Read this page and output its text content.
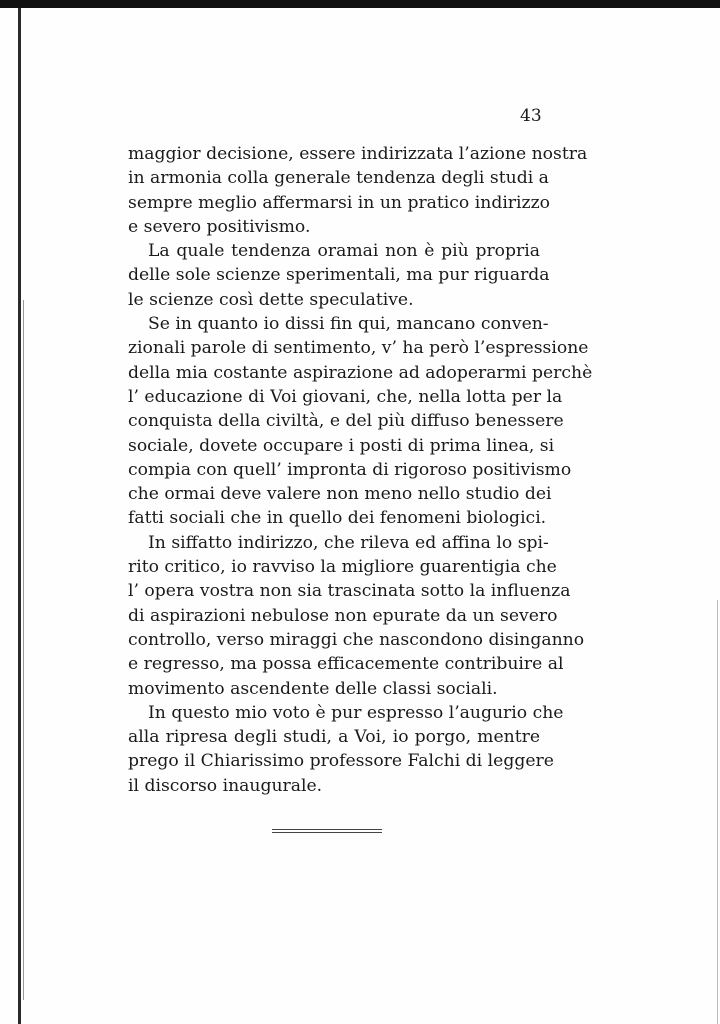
43
maggior decisione, essere indirizzata l’azione nostra
in armonia colla generale tendenza degli studi a
sempre meglio affermarsi in un pratico indirizzo
e severo positivismo.
La quale tendenza oramai non è più propria
delle sole scienze sperimentali, ma pur riguarda
le scienze così dette speculative.
Se in quanto io dissi fin qui, mancano conven-
zionali parole di sentimento, v’ ha però l’espressione
della mia costante aspirazione ad adoperarmi perchè
l’ educazione di Voi giovani, che, nella lotta per la
conquista della civiltà, e del più diffuso benessere
sociale, dovete occupare i posti di prima linea, si
compia con quell’ impronta di rigoroso positivismo
che ormai deve valere non meno nello studio dei
fatti sociali che in quello dei fenomeni biologici.
In siffatto indirizzo, che rileva ed affina lo spi-
rito critico, io ravviso la migliore guarentigia che
l’ opera vostra non sia trascinata sotto la influenza
di aspirazioni nebulose non epurate da un severo
controllo, verso miraggi che nascondono disinganno
e regresso, ma possa efficacemente contribuire al
movimento ascendente delle classi sociali.
In questo mio voto è pur espresso l’augurio che
alla ripresa degli studi, a Voi, io porgo, mentre
prego il Chiarissimo professore Falchi di leggere
il discorso inaugurale.
